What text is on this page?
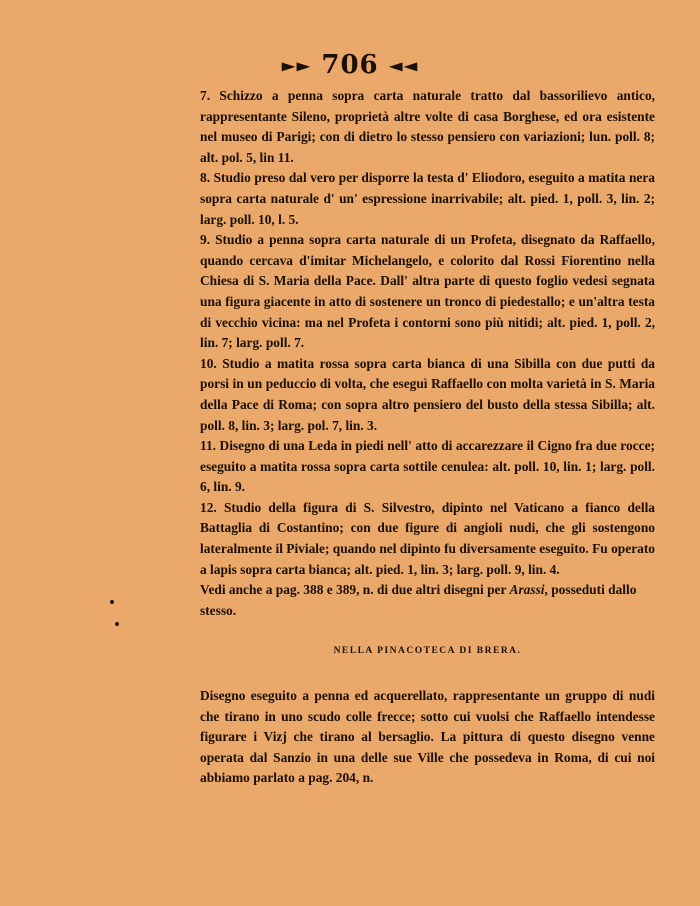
►► 706 ◄◄

7. Schizzo a penna sopra carta naturale tratto dal bassorilievo antico, rappresentante Sileno, proprietà altre volte di casa Borghese, ed ora esistente nel museo di Parigi; con di dietro lo stesso pensiero con variazioni; lun. poll. 8; alt. pol. 5, lin 11.

8. Studio preso dal vero per disporre la testa d' Eliodoro, eseguito a matita nera sopra carta naturale d' un' espressione inarrivabile; alt. pied. 1, poll. 3, lin. 2; larg. poll. 10, l. 5.

9. Studio a penna sopra carta naturale di un Profeta, disegnato da Raffaello, quando cercava d'imitar Michelangelo, e colorito dal Rossi Fiorentino nella Chiesa di S. Maria della Pace. Dall' altra parte di questo foglio vedesi segnata una figura giacente in atto di sostenere un tronco di piedestallo; e un'altra testa di vecchio vicina: ma nel Profeta i contorni sono più nitidi; alt. pied. 1, poll. 2, lin. 7; larg. poll. 7.

10. Studio a matita rossa sopra carta bianca di una Sibilla con due putti da porsi in un peduccio di volta, che eseguì Raffaello con molta varietà in S. Maria della Pace di Roma; con sopra altro pensiero del busto della stessa Sibilla; alt. poll. 8, lin. 3; larg. pol. 7, lin. 3.

11. Disegno di una Leda in piedi nell' atto di accarezzare il Cigno fra due rocce; eseguito a matita rossa sopra carta sottile cenulea: alt. poll. 10, lin. 1; larg. poll. 6, lin. 9.

12. Studio della figura di S. Silvestro, dipinto nel Vaticano a fianco della Battaglia di Costantino; con due figure di angioli nudi, che gli sostengono lateralmente il Piviale; quando nel dipinto fu diversamente eseguito. Fu operato a lapis sopra carta bianca; alt. pied. 1, lin. 3; larg. poll. 9, lin. 4.

Vedi anche a pag. 388 e 389, n. di due altri disegni per Arassi, posseduti dallo stesso.

NELLA PINACOTECA DI BRERA.

Disegno eseguito a penna ed acquerellato, rappresentante un gruppo di nudi che tirano in uno scudo colle frecce; sotto cui vuolsi che Raffaello intendesse figurare i Vizj che tirano al bersaglio. La pittura di questo disegno venne operata dal Sanzio in una delle sue Ville che possedeva in Roma, di cui noi abbiamo parlato a pag. 204, n.
